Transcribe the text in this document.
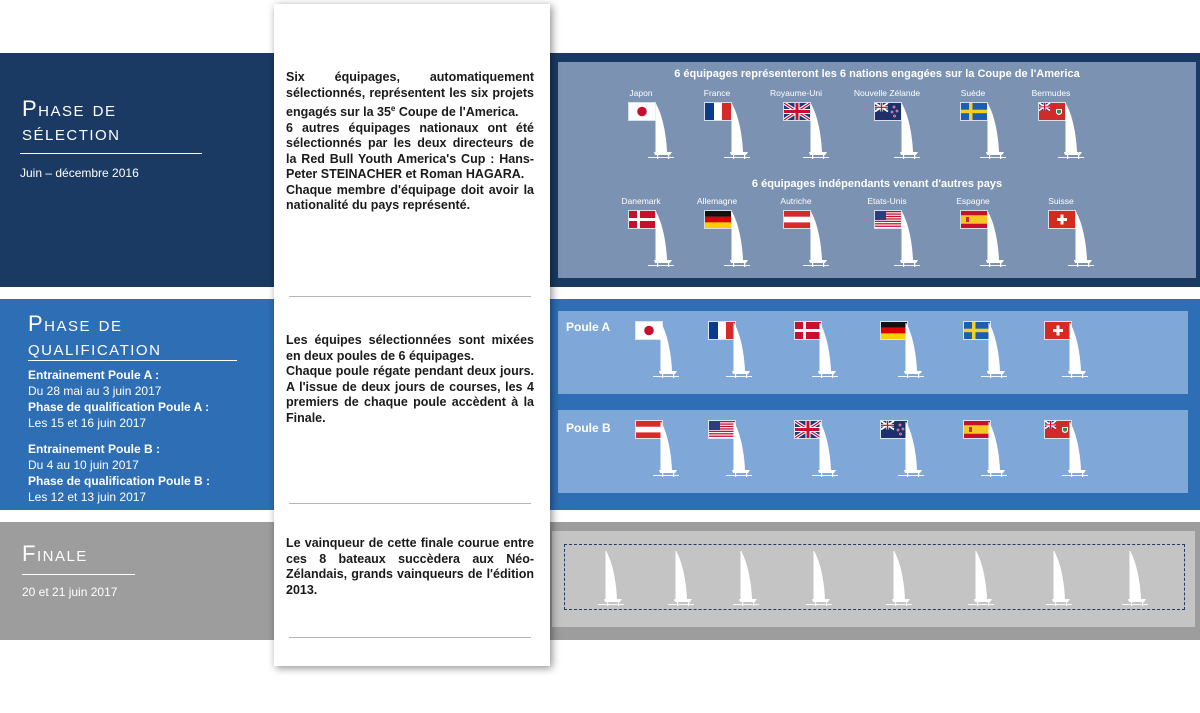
Phase de sélection
Juin – décembre 2016
6 équipages représenteront les 6 nations engagées sur la Coupe de l'America
6 équipages indépendants venant d'autres pays
Japon	France	Royaume-Uni	Nouvelle Zélande	Suède	Bermudes
Danemark	Allemagne	Autriche	Etats-Unis	Espagne	Suisse
Phase de qualification
Entrainement Poule A :
Du 28 mai au 3 juin 2017
Phase de qualification Poule A :
Les 15 et 16 juin 2017
Entrainement Poule B :
Du 4 au 10 juin 2017
Phase de qualification Poule B :
Les 12 et 13 juin 2017
Poule A
Poule B
Finale
20 et 21 juin 2017
Six équipages, automatiquement sélectionnés, représentent les six projets engagés sur la 35e Coupe de l'America.
6 autres équipages nationaux ont été sélectionnés par les deux directeurs de la Red Bull Youth America's Cup : Hans-Peter STEINACHER et Roman HAGARA.
Chaque membre d'équipage doit avoir la nationalité du pays représenté.
Les équipes sélectionnées sont mixées en deux poules de 6 équipages.
Chaque poule régate pendant deux jours. A l'issue de deux jours de courses, les 4 premiers de chaque poule accèdent à la Finale.
Le vainqueur de cette finale courue entre ces 8 bateaux succèdera aux Néo-Zélandais, grands vainqueurs de l'édition 2013.
